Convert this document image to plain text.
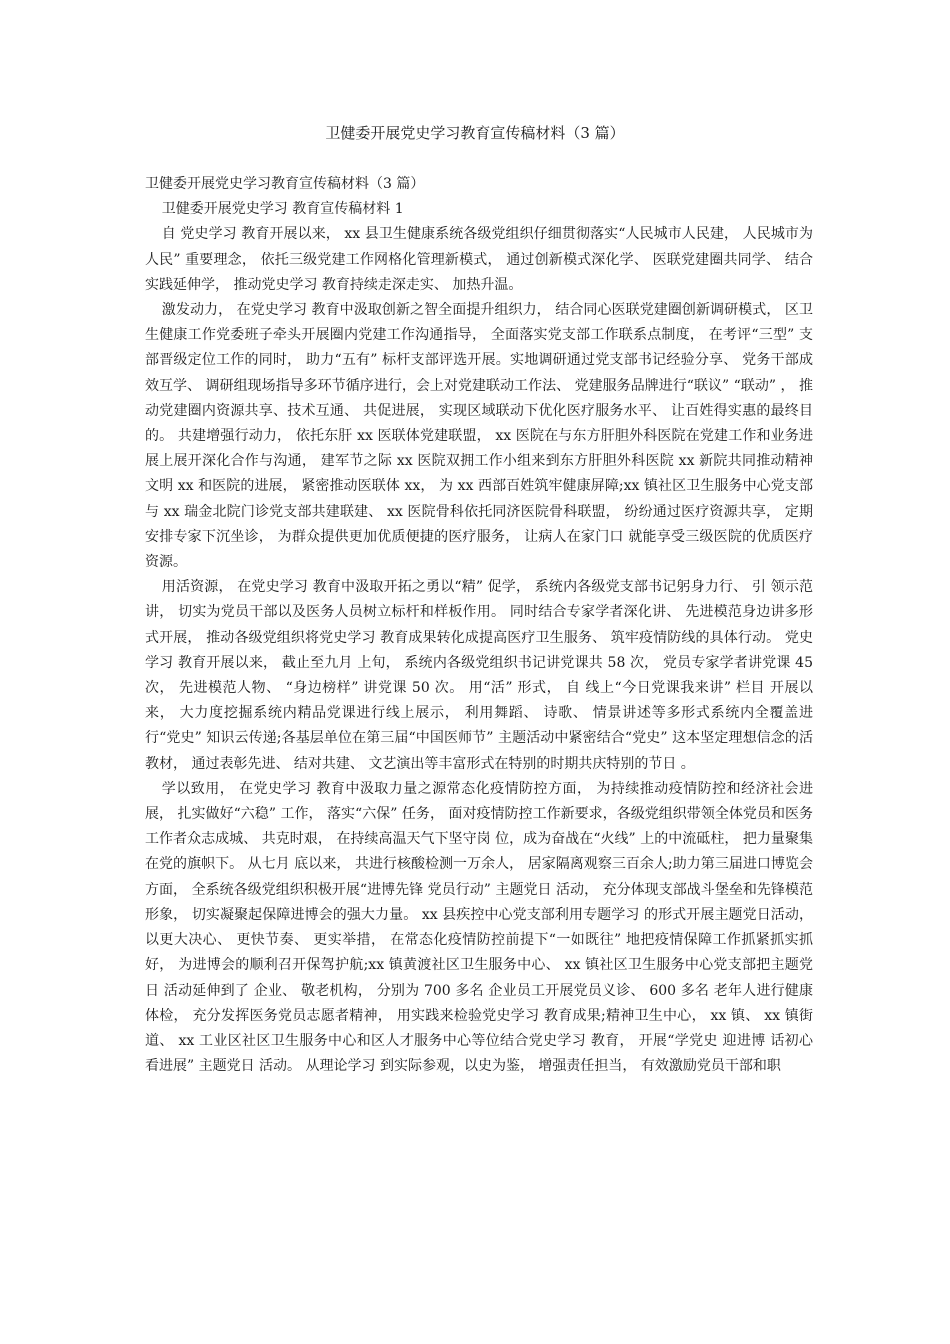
卫健委开展党史学习教育宣传稿材料（3 篇）

卫健委开展党史学习教育宣传稿材料（3 篇）

卫健委开展党史学习 教育宣传稿材料 1

自 党史学习 教育开展以来， xx 县卫生健康系统各级党组织仔细贯彻落实“人民城市人民建， 人民城市为人民” 重要理念， 依托三级党建工作网格化管理新模式， 通过创新模式深化学、 医联党建圈共同学、 结合实践延伸学， 推动党史学习 教育持续走深走实、 加热升温。

激发动力， 在党史学习 教育中汲取创新之智全面提升组织力， 结合同心医联党建圈创新调研模式， 区卫生健康工作党委班子牵头开展圈内党建工作沟通指导， 全面落实党支部工作联系点制度， 在考评“三型” 支部晋级定位工作的同时， 助力“五有” 标杆支部评选开展。实地调研通过党支部书记经验分享、 党务干部成效互学、 调研组现场指导多环节循序进行，会上对党建联动工作法、 党建服务品牌进行“联议” “联动” ， 推动党建圈内资源共享、技术互通、 共促进展， 实现区域联动下优化医疗服务水平、 让百姓得实惠的最终目 的。 共建增强行动力， 依托东肝 xx 医联体党建联盟， xx 医院在与东方肝胆外科医院在党建工作和业务进展上展开深化合作与沟通， 建军节之际 xx 医院双拥工作小组来到东方肝胆外科医院 xx 新院共同推动精神文明 xx 和医院的进展， 紧密推动医联体 xx， 为 xx 西部百姓筑牢健康屏障;xx 镇社区卫生服务中心党支部与 xx 瑞金北院门诊党支部共建联建、 xx 医院骨科依托同济医院骨科联盟， 纷纷通过医疗资源共享， 定期安排专家下沉坐诊， 为群众提供更加优质便捷的医疗服务， 让病人在家门口 就能享受三级医院的优质医疗资源。

用活资源， 在党史学习 教育中汲取开拓之勇以“精” 促学， 系统内各级党支部书记躬身力行、 引 领示范讲， 切实为党员干部以及医务人员树立标杆和样板作用。 同时结合专家学者深化讲、 先进模范身边讲多形式开展， 推动各级党组织将党史学习 教育成果转化成提高医疗卫生服务、 筑牢疫情防线的具体行动。 党史学习 教育开展以来， 截止至九月 上旬， 系统内各级党组织书记讲党课共 58 次， 党员专家学者讲党课 45 次， 先进模范人物、 “身边榜样” 讲党课 50 次。 用“活” 形式， 自 线上“今日党课我来讲” 栏目 开展以来， 大力度挖掘系统内精品党课进行线上展示， 利用舞蹈、 诗歌、 情景讲述等多形式系统内全覆盖进行“党史” 知识云传递;各基层单位在第三届“中国医师节” 主题活动中紧密结合“党史” 这本坚定理想信念的活教材， 通过表彰先进、 结对共建、 文艺演出等丰富形式在特别的时期共庆特别的节日 。

学以致用， 在党史学习 教育中汲取力量之源常态化疫情防控方面， 为持续推动疫情防控和经济社会进展， 扎实做好“六稳” 工作， 落实“六保” 任务， 面对疫情防控工作新要求，各级党组织带领全体党员和医务工作者众志成城、 共克时艰， 在持续高温天气下坚守岗 位，成为奋战在“火线” 上的中流砥柱， 把力量聚集在党的旗帜下。 从七月 底以来， 共进行核酸检测一万余人， 居家隔离观察三百余人;助力第三届进口博览会方面， 全系统各级党组织积极开展“进博先锋 党员行动” 主题党日 活动， 充分体现支部战斗堡垒和先锋模范形象， 切实凝聚起保障进博会的强大力量。 xx 县疾控中心党支部利用专题学习 的形式开展主题党日活动， 以更大决心、 更快节奏、 更实举措， 在常态化疫情防控前提下“一如既往” 地把疫情保障工作抓紧抓实抓好， 为进博会的顺利召开保驾护航;xx 镇黄渡社区卫生服务中心、 xx 镇社区卫生服务中心党支部把主题党日 活动延伸到了 企业、 敬老机构， 分别为 700 多名 企业员工开展党员义诊、 600 多名 老年人进行健康体检， 充分发挥医务党员志愿者精神， 用实践来检验党史学习 教育成果;精神卫生中心， xx 镇、 xx 镇街道、 xx 工业区社区卫生服务中心和区人才服务中心等位结合党史学习 教育， 开展“学党史 迎进博 话初心 看进展” 主题党日 活动。 从理论学习 到实际参观，以史为鉴， 增强责任担当， 有效激励党员干部和职
